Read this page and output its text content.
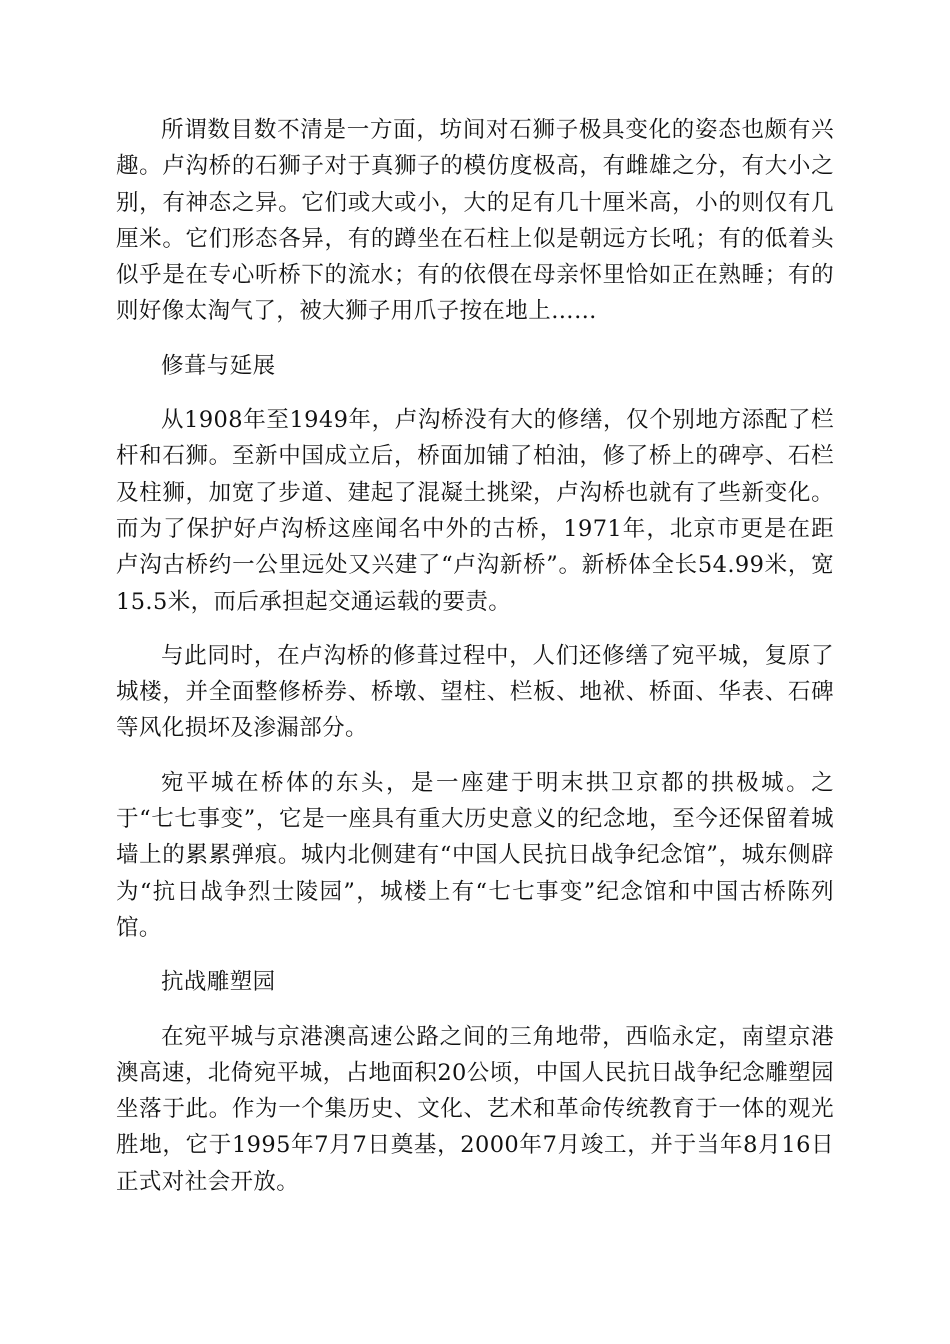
所谓数目数不清是一方面，坊间对石狮子极具变化的姿态也颇有兴趣。卢沟桥的石狮子对于真狮子的模仿度极高，有雌雄之分，有大小之别，有神态之异。它们或大或小，大的足有几十厘米高，小的则仅有几厘米。它们形态各异，有的蹲坐在石柱上似是朝远方长吼；有的低着头似乎是在专心听桥下的流水；有的依偎在母亲怀里恰如正在熟睡；有的则好像太淘气了，被大狮子用爪子按在地上……

修葺与延展

从1908年至1949年，卢沟桥没有大的修缮，仅个别地方添配了栏杆和石狮。至新中国成立后，桥面加铺了柏油，修了桥上的碑亭、石栏及柱狮，加宽了步道、建起了混凝土挑梁，卢沟桥也就有了些新变化。而为了保护好卢沟桥这座闻名中外的古桥，1971年，北京市更是在距卢沟古桥约一公里远处又兴建了“卢沟新桥”。新桥体全长54.99米，宽15.5米，而后承担起交通运载的要责。

与此同时，在卢沟桥的修葺过程中，人们还修缮了宛平城，复原了城楼，并全面整修桥券、桥墩、望柱、栏板、地袱、桥面、华表、石碑等风化损坏及渗漏部分。

宛平城在桥体的东头，是一座建于明末拱卫京都的拱极城。之于“七七事变”，它是一座具有重大历史意义的纪念地，至今还保留着城墙上的累累弹痕。城内北侧建有“中国人民抗日战争纪念馆”，城东侧辟为“抗日战争烈士陵园”，城楼上有“七七事变”纪念馆和中国古桥陈列馆。

抗战雕塑园

在宛平城与京港澳高速公路之间的三角地带，西临永定，南望京港澳高速，北倚宛平城，占地面积20公顷，中国人民抗日战争纪念雕塑园坐落于此。作为一个集历史、文化、艺术和革命传统教育于一体的观光胜地，它于1995年7月7日奠基，2000年7月竣工，并于当年8月16日正式对社会开放。
